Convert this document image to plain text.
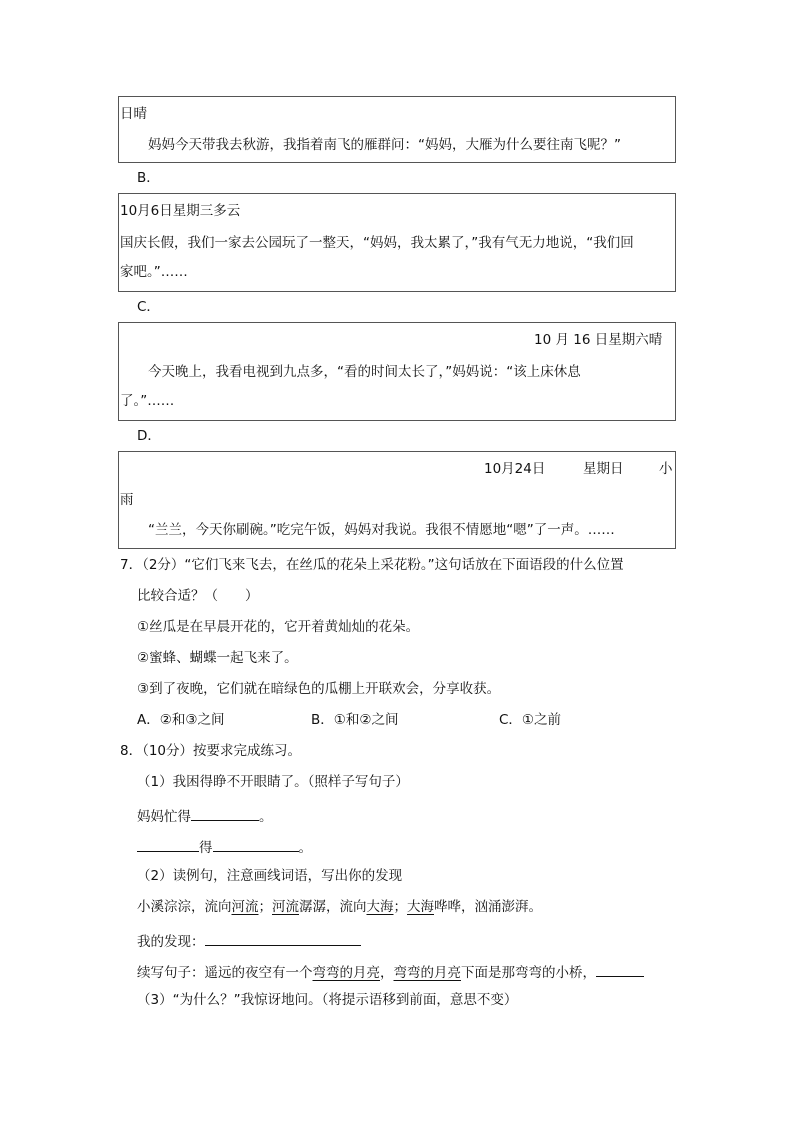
日晴
妈妈今天带我去秋游，我指着南飞的雁群问：“妈妈，大雁为什么要往南飞呢？”
B．
10月6日星期三多云
国庆长假，我们一家去公园玩了一整天，“妈妈，我太累了，”我有气无力地说，“我们回
家吧。”……
C．
10 月 16 日星期六晴
今天晚上，我看电视到九点多，“看的时间太长了，”妈妈说：“该上床休息
了。”……
D．
10月24日	星期日	小
雨
“兰兰，今天你刷碗。”吃完午饭，妈妈对我说。我很不情愿地“嗯”了一声。……
7．（2分）“它们飞来飞去，在丝瓜的花朵上采花粉。”这句话放在下面语段的什么位置
比较合适？（　　）
①丝瓜是在早晨开花的，它开着黄灿灿的花朵。
②蜜蜂、蝴蝶一起飞来了。
③到了夜晚，它们就在暗绿色的瓜棚上开联欢会，分享收获。
A．②和③之间	B．①和②之间	C．①之前
8．（10分）按要求完成练习。
（1）我困得睁不开眼睛了。（照样子写句子）
妈妈忙得	。
得	。
（2）读例句，注意画线词语，写出你的发现
小溪淙淙，流向河流；河流潺潺，流向大海；大海哗哗，汹涌澎湃。
我的发现：
续写句子：遥远的夜空有一个弯弯的月亮，弯弯的月亮下面是那弯弯的小桥，
（3）“为什么？”我惊讶地问。（将提示语移到前面，意思不变）
